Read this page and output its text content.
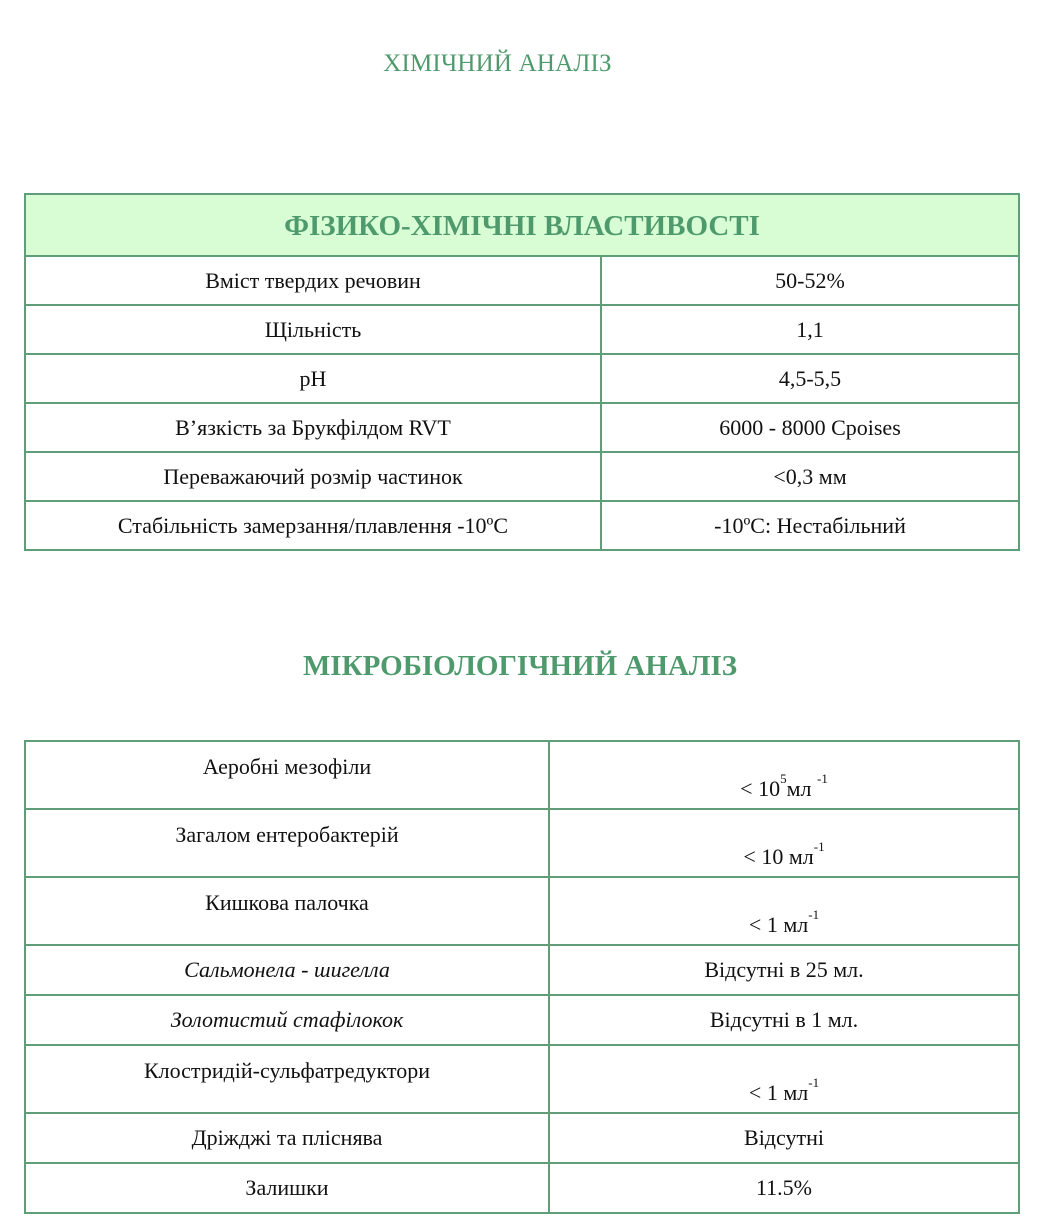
ХІМІЧНИЙ АНАЛІЗ
ФІЗИКО-ХІМІЧНІ ВЛАСТИВОСТІ	
Вміст твердих речовин	50-52%
Щільність	1,1
pH	4,5-5,5
В’язкість за Брукфілдом RVT	6000 - 8000 Cpoises
Переважаючий розмір частинок	<0,3 мм
Стабільність замерзання/плавлення -10ºC	-10ºC: Нестабільний
МІКРОБІОЛОГІЧНИЙ АНАЛІЗ
Аеробні мезофіли	< $10^5мл$ $^{-1}$
Загалом ентеробактерій	< 10 $мл^{-1}$
Кишкова палочка	< 1 $мл^{-1}$
Сальмонела - шигелла	Відсутні в 25 мл.
Золотистий стафілокок	Відсутні в 1 мл.
Клостридій-сульфатредуктори	< 1 $мл^{-1}$
Дріжджі та пліснява	Відсутні
Залишки	11.5%
